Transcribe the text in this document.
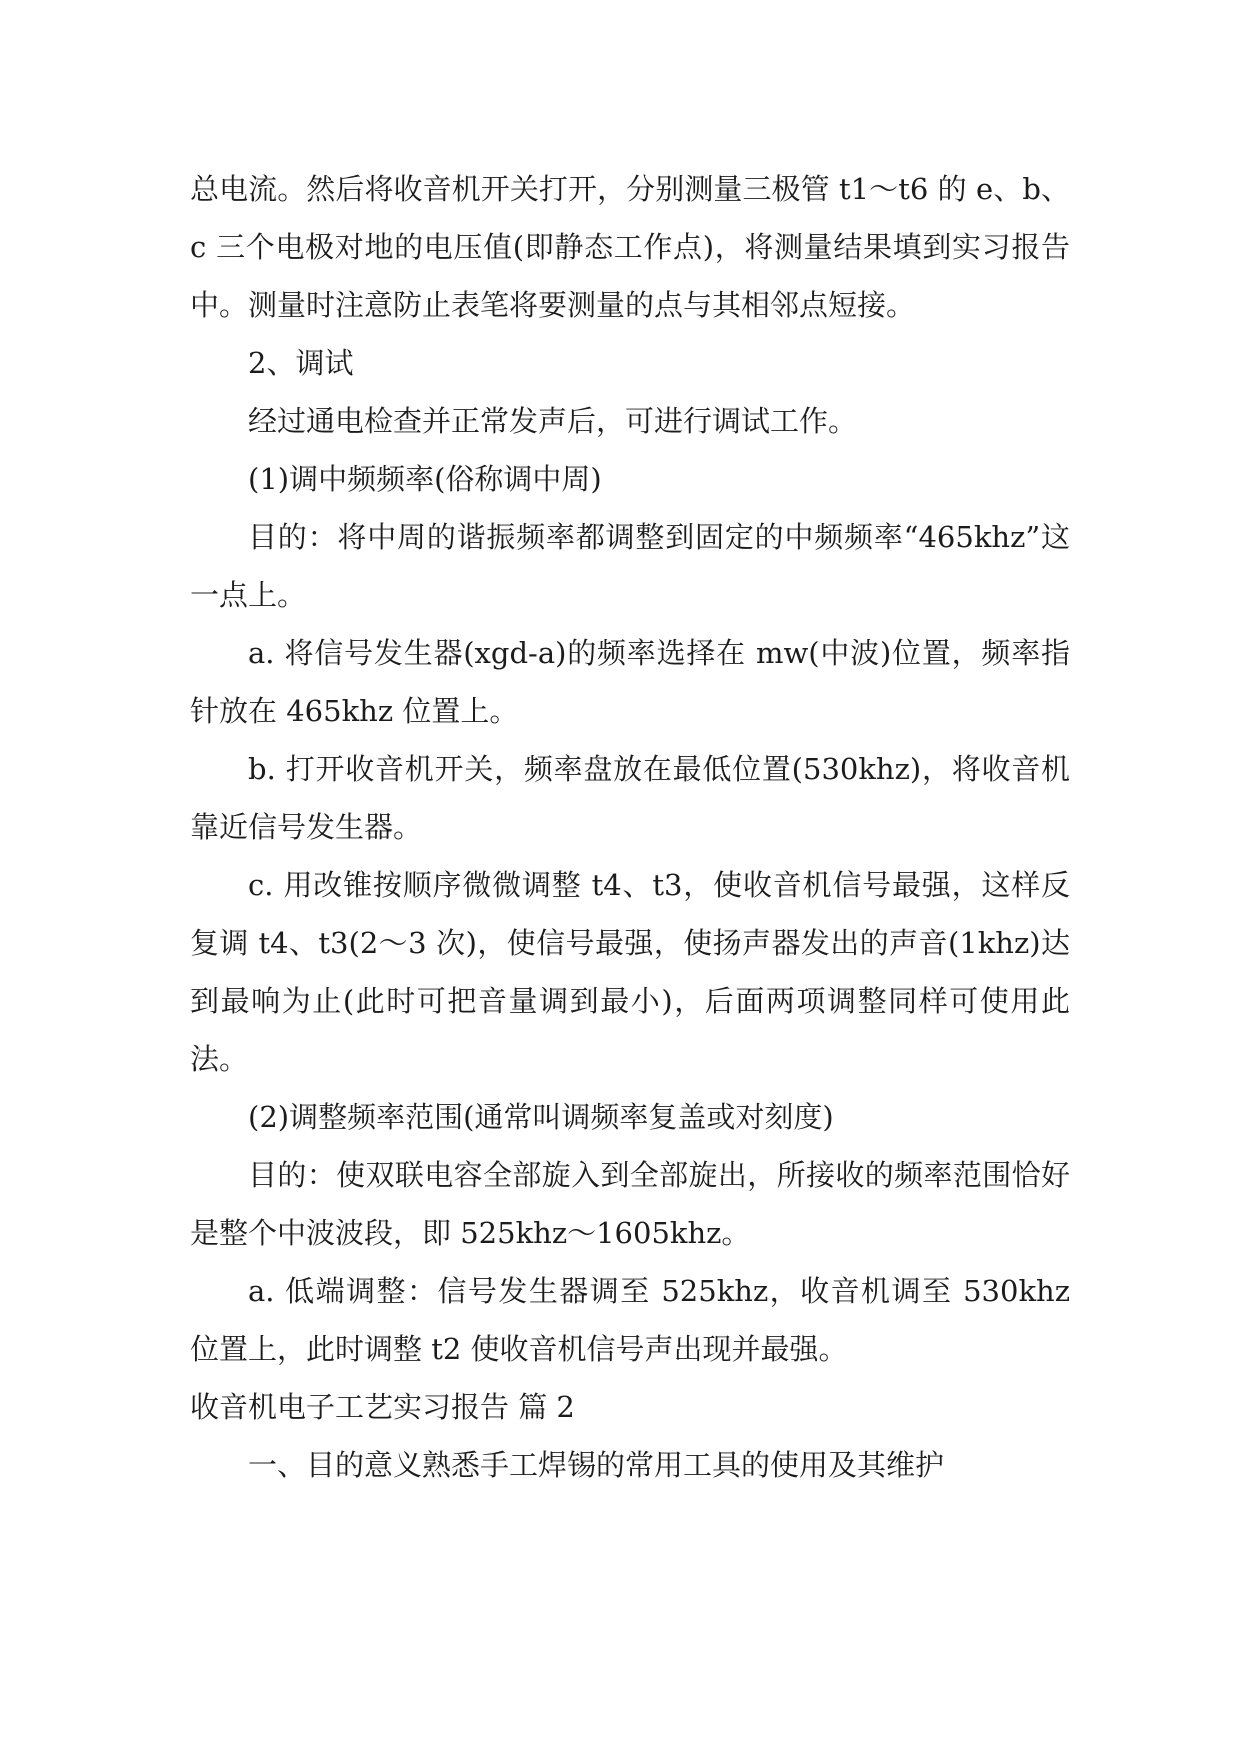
总电流。然后将收音机开关打开，分别测量三极管 t1～t6 的 e、b、c 三个电极对地的电压值(即静态工作点)，将测量结果填到实习报告中。测量时注意防止表笔将要测量的点与其相邻点短接。

2、调试

经过通电检查并正常发声后，可进行调试工作。

(1)调中频频率(俗称调中周)

目的：将中周的谐振频率都调整到固定的中频频率“465khz”这一点上。

a. 将信号发生器(xgd-a)的频率选择在 mw(中波)位置，频率指针放在 465khz 位置上。

b. 打开收音机开关，频率盘放在最低位置(530khz)，将收音机靠近信号发生器。

c. 用改锥按顺序微微调整 t4、t3，使收音机信号最强，这样反复调 t4、t3(2～3 次)，使信号最强，使扬声器发出的声音(1khz)达到最响为止(此时可把音量调到最小)，后面两项调整同样可使用此法。

(2)调整频率范围(通常叫调频率复盖或对刻度)

目的：使双联电容全部旋入到全部旋出，所接收的频率范围恰好是整个中波波段，即 525khz～1605khz。

a. 低端调整：信号发生器调至 525khz，收音机调至 530khz 位置上，此时调整 t2 使收音机信号声出现并最强。

收音机电子工艺实习报告 篇 2

一、目的意义熟悉手工焊锡的常用工具的使用及其维护
